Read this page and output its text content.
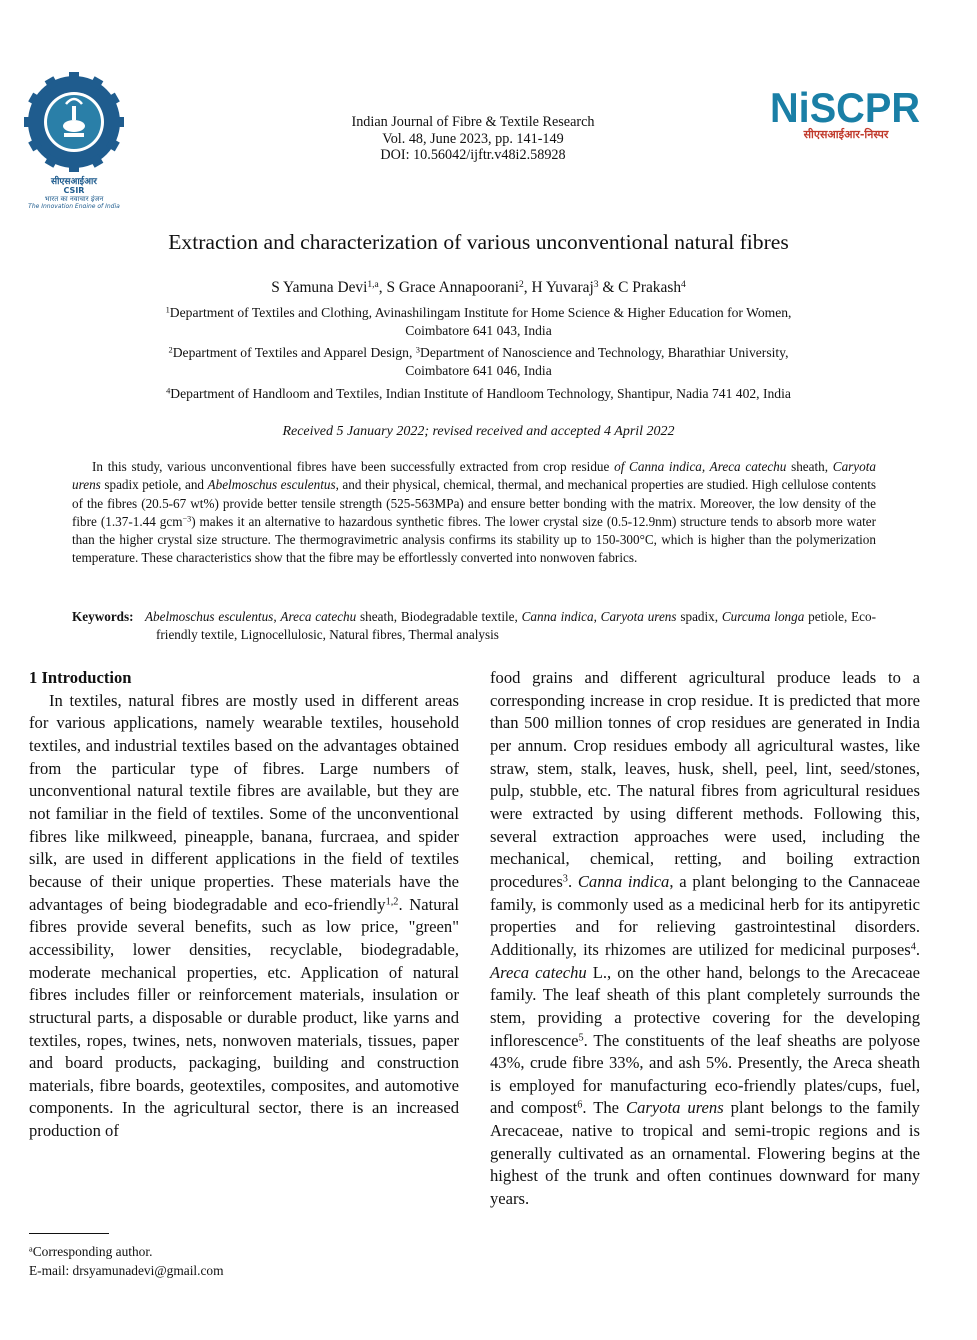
सीएसआईआर
CSIR
भारत का नवाचार इंजन
The Innovation Engine of India
NiSCPR
सीएसआईआर-निस्पर
Indian Journal of Fibre & Textile Research
Vol. 48, June 2023, pp. 141-149
DOI: 10.56042/ijftr.v48i2.58928
Extraction and characterization of various unconventional natural fibres
S Yamuna Devi$^{1,a}$, S Grace Annapoorani$^2$, H Yuvaraj$^3$ & C Prakash$^4$
$^1$Department of Textiles and Clothing, Avinashilingam Institute for Home Science & Higher Education for Women,
Coimbatore 641 043, India
$^2$Department of Textiles and Apparel Design, $^3$Department of Nanoscience and Technology, Bharathiar University,
Coimbatore 641 046, India
$^4$Department of Handloom and Textiles, Indian Institute of Handloom Technology, Shantipur, Nadia 741 402, India
Received 5 January 2022; revised received and accepted 4 April 2022
In this study, various unconventional fibres have been successfully extracted from crop residue of Canna indica, Areca catechu sheath, Caryota urens spadix petiole, and Abelmoschus esculentus, and their physical, chemical, thermal, and mechanical properties are studied. High cellulose contents of the fibres (20.5-67 wt%) provide better tensile strength (525-563MPa) and ensure better bonding with the matrix. Moreover, the low density of the fibre (1.37-1.44 gcm$^{-3}$) makes it an alternative to hazardous synthetic fibres. The lower crystal size (0.5-12.9nm) structure tends to absorb more water than the higher crystal size structure. The thermogravimetric analysis confirms its stability up to 150-300°C, which is higher than the polymerization temperature. These characteristics show that the fibre may be effortlessly converted into nonwoven fabrics.
Keywords: Abelmoschus esculentus, Areca catechu sheath, Biodegradable textile, Canna indica, Caryota urens spadix, Curcuma longa petiole, Eco-friendly textile, Lignocellulosic, Natural fibres, Thermal analysis

1 Introduction

In textiles, natural fibres are mostly used in different areas for various applications, namely wearable textiles, household textiles, and industrial textiles based on the advantages obtained from the particular type of fibres. Large numbers of unconventional natural textile fibres are available, but they are not familiar in the field of textiles. Some of the unconventional fibres like milkweed, pineapple, banana, furcraea, and spider silk, are used in different applications in the field of textiles because of their unique properties. These materials have the advantages of being biodegradable and eco-friendly$^{1,2}$. Natural fibres provide several benefits, such as low price, "green" accessibility, lower densities, recyclable, biodegradable, moderate mechanical properties, etc. Application of natural fibres includes filler or reinforcement materials, insulation or structural parts, a disposable or durable product, like yarns and textiles, ropes, twines, nets, nonwoven materials, tissues, paper and board products, packaging, building and construction materials, fibre boards, geotextiles, composites, and automotive components. In the agricultural sector, there is an increased production of

food grains and different agricultural produce leads to a corresponding increase in crop residue. It is predicted that more than 500 million tonnes of crop residues are generated in India per annum. Crop residues embody all agricultural wastes, like straw, stem, stalk, leaves, husk, shell, peel, lint, seed/stones, pulp, stubble, etc. The natural fibres from agricultural residues were extracted by using different methods. Following this, several extraction approaches were used, including the mechanical, chemical, retting, and boiling extraction procedures$^3$. Canna indica, a plant belonging to the Cannaceae family, is commonly used as a medicinal herb for its antipyretic properties and for relieving gastrointestinal disorders. Additionally, its rhizomes are utilized for medicinal purposes$^4$. Areca catechu L., on the other hand, belongs to the Arecaceae family. The leaf sheath of this plant completely surrounds the stem, providing a protective covering for the developing inflorescence$^5$. The constituents of the leaf sheaths are polyose 43%, crude fibre 33%, and ash 5%. Presently, the Areca sheath is employed for manufacturing eco-friendly plates/cups, fuel, and compost$^6$. The Caryota urens plant belongs to the family Arecaceae, native to tropical and semi-tropic regions and is generally cultivated as an ornamental. Flowering begins at the highest of the trunk and often continues downward for many years.

$^a$Corresponding author.
E-mail: drsyamunadevi@gmail.com
